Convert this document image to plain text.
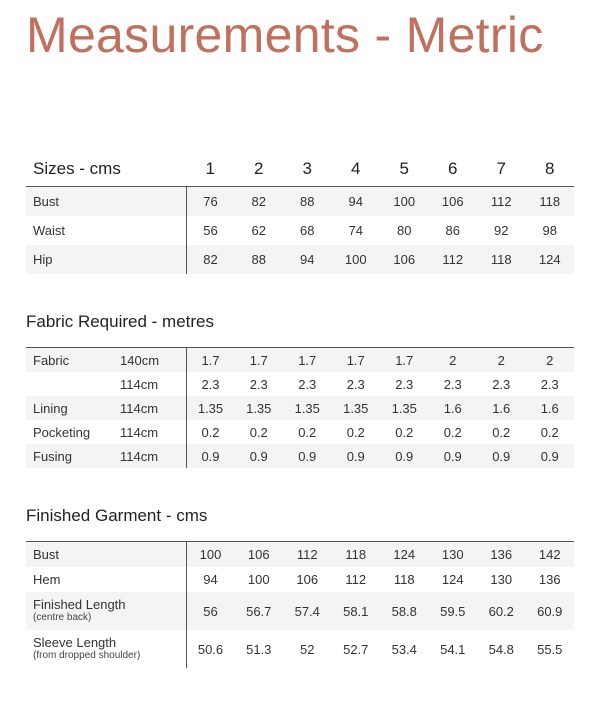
Measurements - Metric
Sizes - cms	1	2	3	4	5	6	7	8
Bust	76	82	88	94	100	106	112	118
Waist	56	62	68	74	80	86	92	98
Hip	82	88	94	100	106	112	118	124
Fabric Required - metres
Fabric	140cm	1.7	1.7	1.7	1.7	1.7	2	2	2
	114cm	2.3	2.3	2.3	2.3	2.3	2.3	2.3	2.3
Lining	114cm	1.35	1.35	1.35	1.35	1.35	1.6	1.6	1.6
Pocketing	114cm	0.2	0.2	0.2	0.2	0.2	0.2	0.2	0.2
Fusing	114cm	0.9	0.9	0.9	0.9	0.9	0.9	0.9	0.9
Finished Garment - cms
Bust	100	106	112	118	124	130	136	142
Hem	94	100	106	112	118	124	130	136

Finished Length
(centre back)	56	56.7	57.4	58.1	58.8	59.5	60.2	60.9

Sleeve Length
(from dropped shoulder)	50.6	51.3	52	52.7	53.4	54.1	54.8	55.5
